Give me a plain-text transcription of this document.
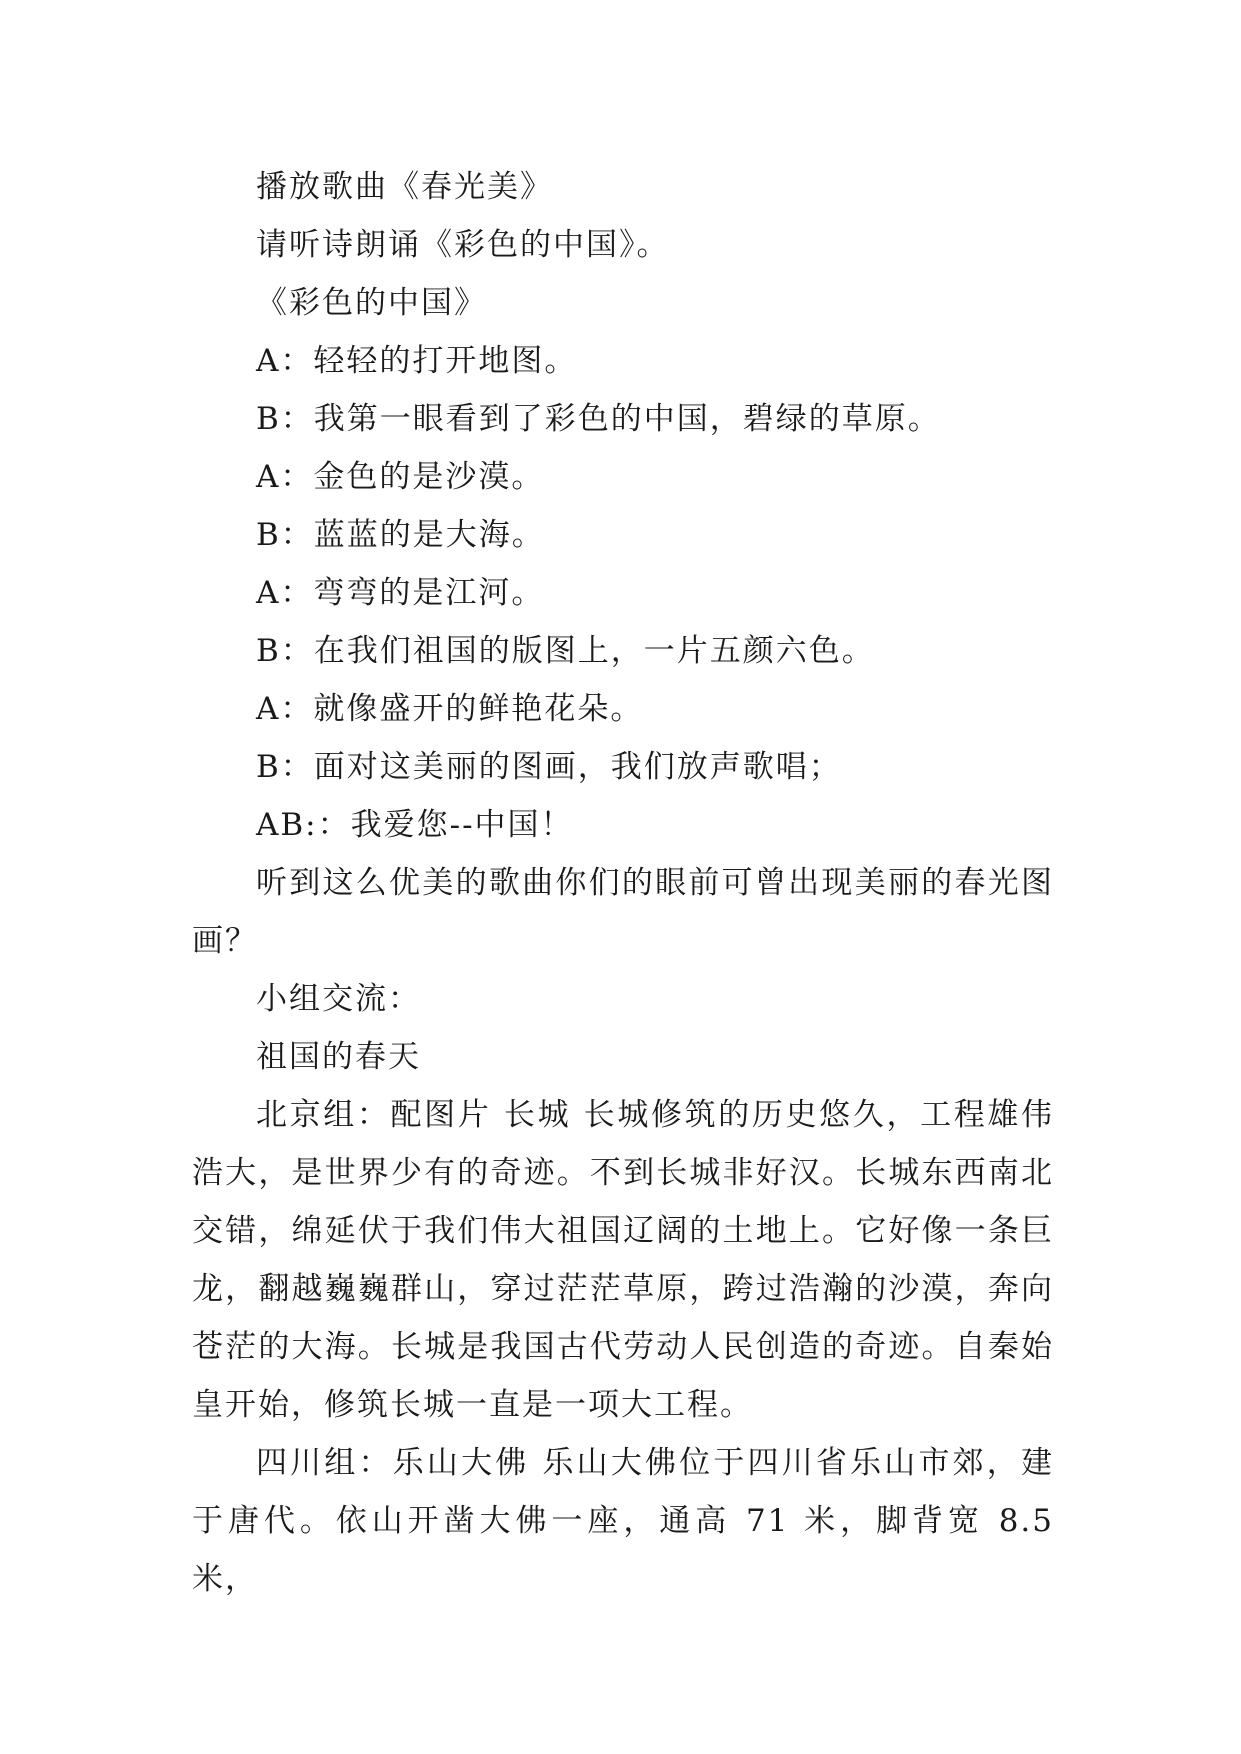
播放歌曲《春光美》

请听诗朗诵《彩色的中国》。

《彩色的中国》

A：轻轻的打开地图。

B：我第一眼看到了彩色的中国，碧绿的草原。

A：金色的是沙漠。

B：蓝蓝的是大海。

A：弯弯的是江河。

B：在我们祖国的版图上，一片五颜六色。

A：就像盛开的鲜艳花朵。

B：面对这美丽的图画，我们放声歌唱；

AB:：我爱您--中国！

听到这么优美的歌曲你们的眼前可曾出现美丽的春光图画？

小组交流：

祖国的春天

北京组：配图片 长城 长城修筑的历史悠久，工程雄伟浩大，是世界少有的奇迹。不到长城非好汉。长城东西南北交错，绵延伏于我们伟大祖国辽阔的土地上。它好像一条巨龙，翻越巍巍群山，穿过茫茫草原，跨过浩瀚的沙漠，奔向苍茫的大海。长城是我国古代劳动人民创造的奇迹。自秦始皇开始，修筑长城一直是一项大工程。

四川组：乐山大佛 乐山大佛位于四川省乐山市郊，建于唐代。依山开凿大佛一座，通高 71 米，脚背宽 8.5 米，
